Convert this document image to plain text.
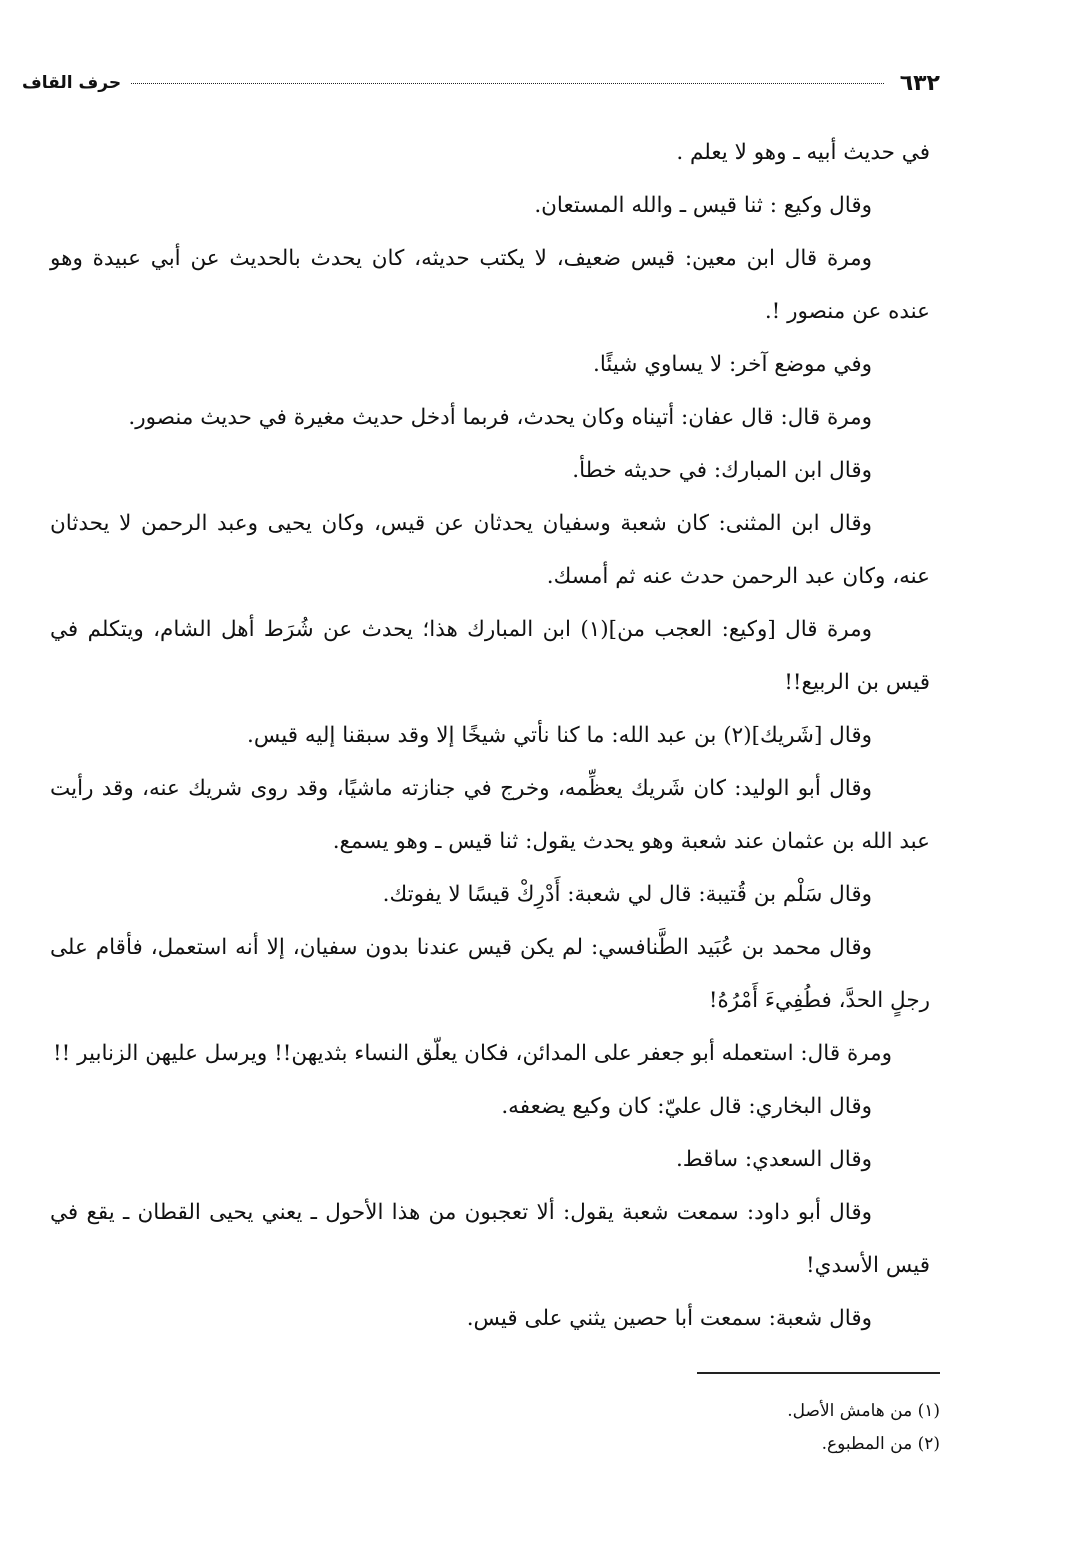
٦٣٢
حرف القاف

في حديث أبيه ـ وهو لا يعلم .

وقال وكيع : ثنا قيس ـ والله المستعان.

ومرة قال ابن معين: قيس ضعيف، لا يكتب حديثه، كان يحدث بالحديث عن أبي عبيدة وهو عنده عن منصور !.

وفي موضع آخر: لا يساوي شيئًا.

ومرة قال: قال عفان: أتيناه وكان يحدث، فربما أدخل حديث مغيرة في حديث منصور.

وقال ابن المبارك: في حديثه خطأ.

وقال ابن المثنى: كان شعبة وسفيان يحدثان عن قيس، وكان يحيى وعبد الرحمن لا يحدثان عنه، وكان عبد الرحمن حدث عنه ثم أمسك.

ومرة قال [وكيع: العجب من](١) ابن المبارك هذا؛ يحدث عن شُرَط أهل الشام، ويتكلم في قيس بن الربيع!!

وقال [شَريك](٢) بن عبد الله: ما كنا نأتي شيخًا إلا وقد سبقنا إليه قيس.

وقال أبو الوليد: كان شَريك يعظِّمه، وخرج في جنازته ماشيًا، وقد روى شريك عنه، وقد رأيت عبد الله بن عثمان عند شعبة وهو يحدث يقول: ثنا قيس ـ وهو يسمع.

وقال سَلْم بن قُتيبة: قال لي شعبة: أَدْرِكْ قيسًا لا يفوتك.

وقال محمد بن عُبَيد الطَّنافسي: لم يكن قيس عندنا بدون سفيان، إلا أنه استعمل، فأقام على رجلٍ الحدَّ، فطُفِيءَ أَمْرُهُ!

ومرة قال: استعمله أبو جعفر على المدائن، فكان يعلّق النساء بثديهن!! ويرسل عليهن الزنابير !!

وقال البخاري: قال عليّ: كان وكيع يضعفه.

وقال السعدي: ساقط.

وقال أبو داود: سمعت شعبة يقول: ألا تعجبون من هذا الأحول ـ يعني يحيى القطان ـ يقع في قيس الأسدي!

وقال شعبة: سمعت أبا حصين يثني على قيس.

(١) من هامش الأصل.
(٢) من المطبوع.
